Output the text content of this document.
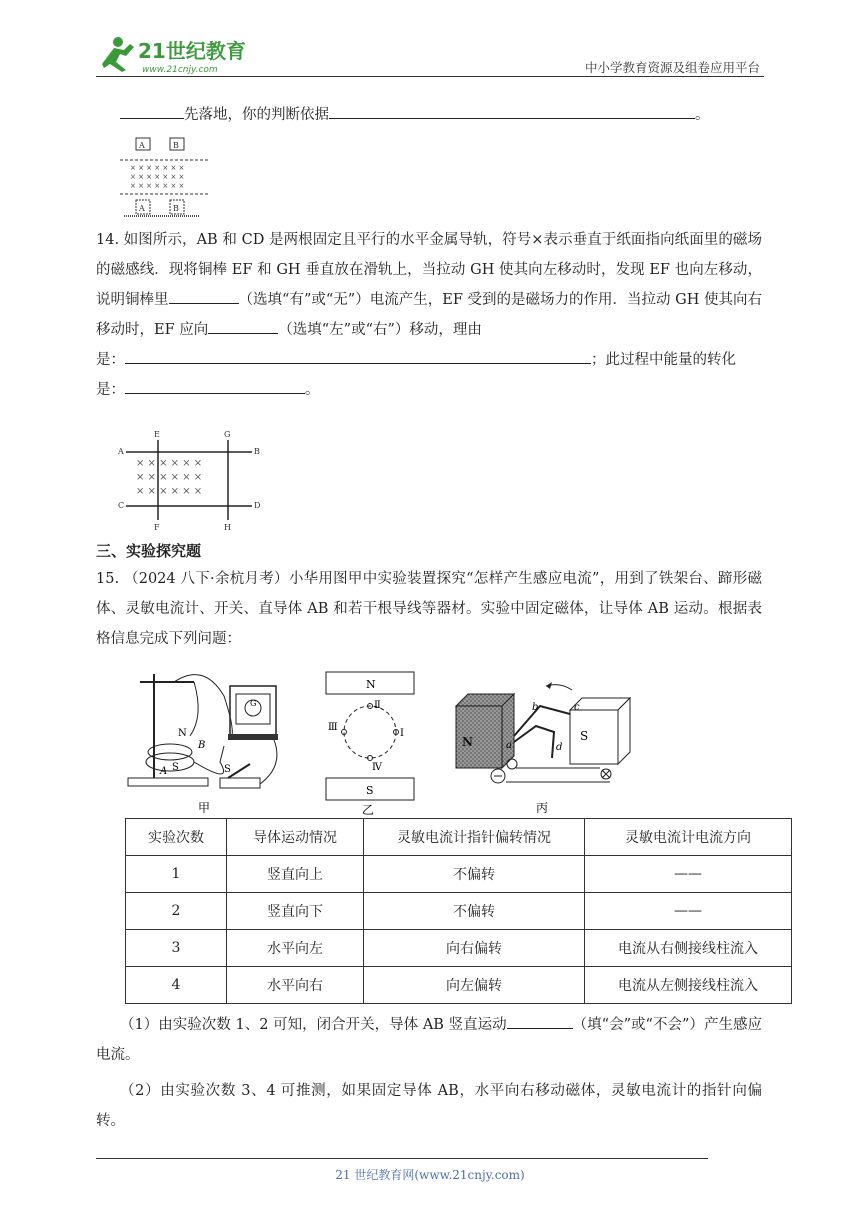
21世纪教育
www.21cnjy.com	中小学教育资源及组卷应用平台
先落地，你的判断依据	。
A	B
× × × × × × ×
× × × × × × ×
× × × × × × ×
A	B
14. 如图所示，AB 和 CD 是两根固定且平行的水平金属导轨，符号×表示垂直于纸面指向纸面里的磁场的磁感线．现将铜棒 EF 和 GH 垂直放在滑轨上，当拉动 GH 使其向左移动时，发现 EF 也向左移动，说明铜棒里	（选填“有”或“无”）电流产生，EF 受到的是磁场力的作用．当拉动 GH 使其向右移动时，EF 应向	（选填“左”或“右”）移动，理由
是：	；此过程中能量的转化
是：	。
A	B
C	D
E
F
G
H
× × × × × ×
× × × × × ×
× × × × × ×
三、实验探究题
15. （2024 八下·余杭月考）小华用图甲中实验装置探究“怎样产生感应电流”，用到了铁架台、蹄形磁体、灵敏电流计、开关、直导体 AB 和若干根导线等器材。实验中固定磁体，让导体 AB 运动。根据表格信息完成下列问题：
N
S
B
A
G
S
甲
N
Ⅱ
Ⅰ
Ⅳ
Ⅲ
S
乙
N	S
b	c
a	d
丙
实验次数	导体运动情况	灵敏电流计指针偏转情况	灵敏电流计电流方向
1	竖直向上	不偏转	——
2	竖直向下	不偏转	——
3	水平向左	向右偏转	电流从右侧接线柱流入
4	水平向右	向左偏转	电流从左侧接线柱流入
（1）由实验次数 1、2 可知，闭合开关，导体 AB 竖直运动	（填“会”或“不会”）产生感应电流。
（2）由实验次数 3、4 可推测，如果固定导体 AB，水平向右移动磁体，灵敏电流计的指针向偏转。
21 世纪教育网(www.21cnjy.com)
